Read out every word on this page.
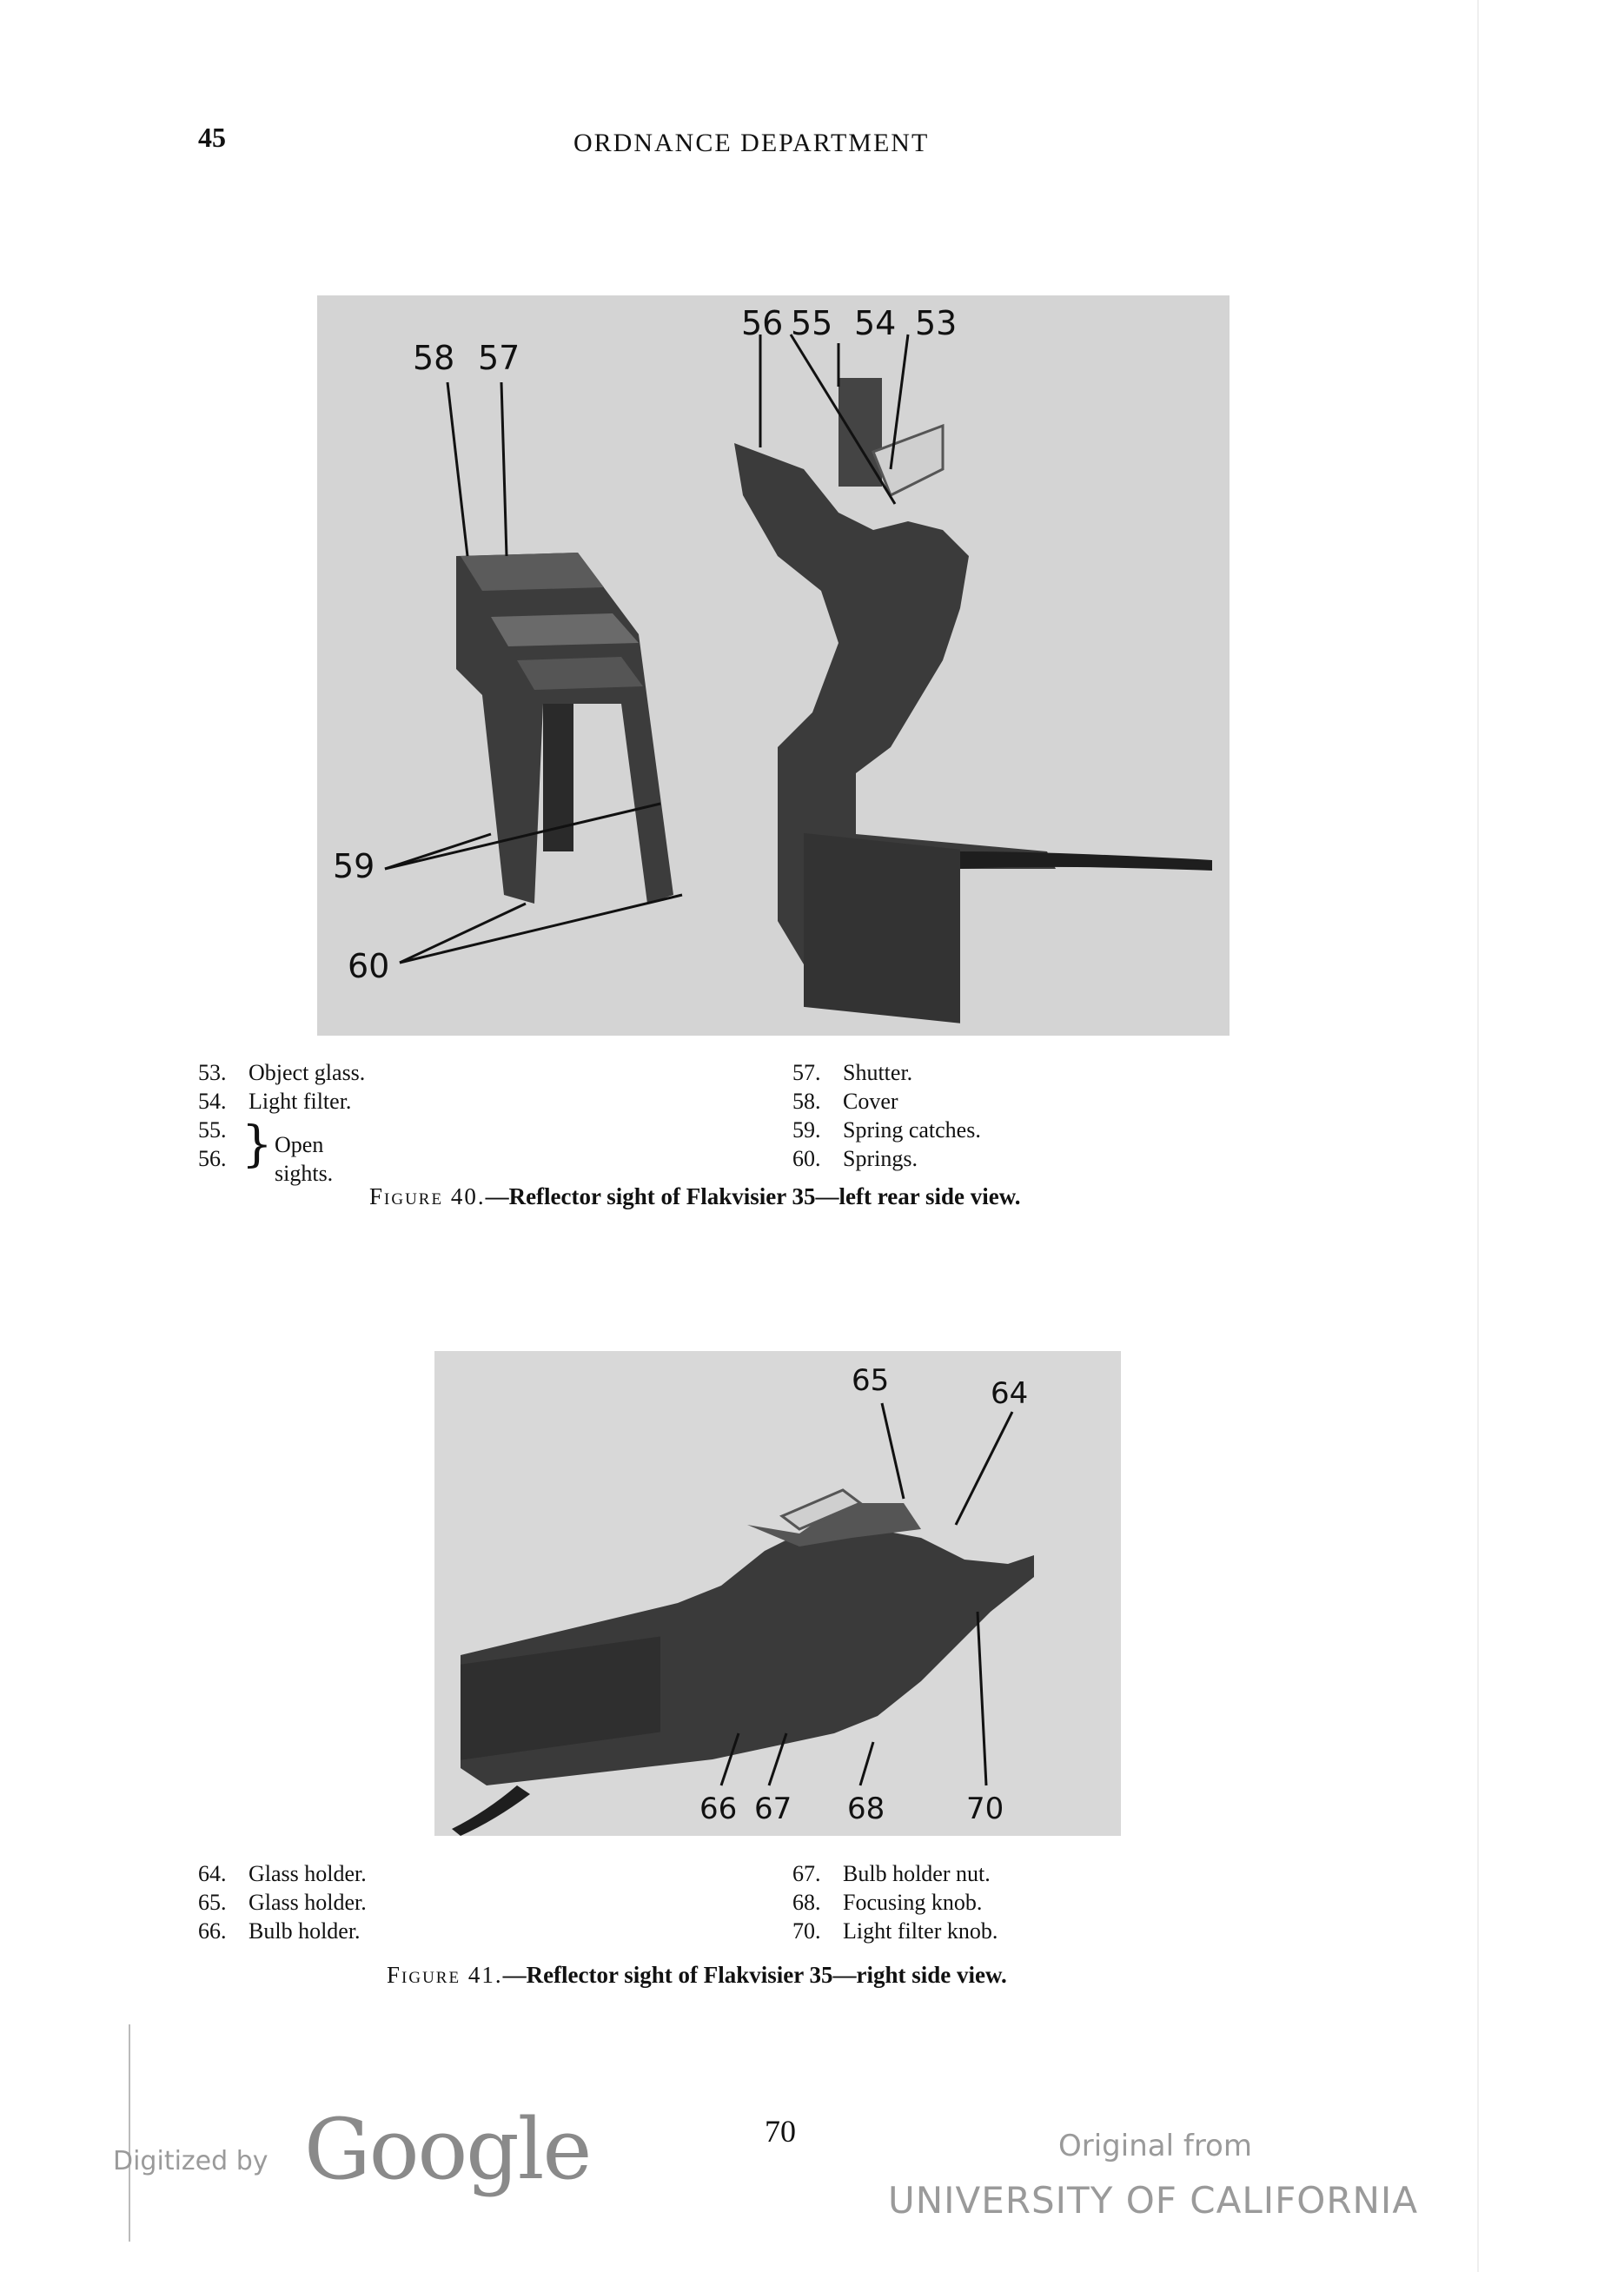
45	ORDNANCE DEPARTMENT
58 57
56 55 54 53
59
60
53. Object glass.
54. Light filter.
55.
56. } Open sights.
57. Shutter.
58. Cover
59. Spring catches.
60. Springs.
Figure 40.—Reflector sight of Flakvisier 35—left rear side view.
65	64
66 67 68	70
64. Glass holder.
65. Glass holder.
66. Bulb holder.
67. Bulb holder nut.
68. Focusing knob.
70. Light filter knob.
Figure 41.—Reflector sight of Flakvisier 35—right side view.
70
Digitized by Google	Original from
UNIVERSITY OF CALIFORNIA
